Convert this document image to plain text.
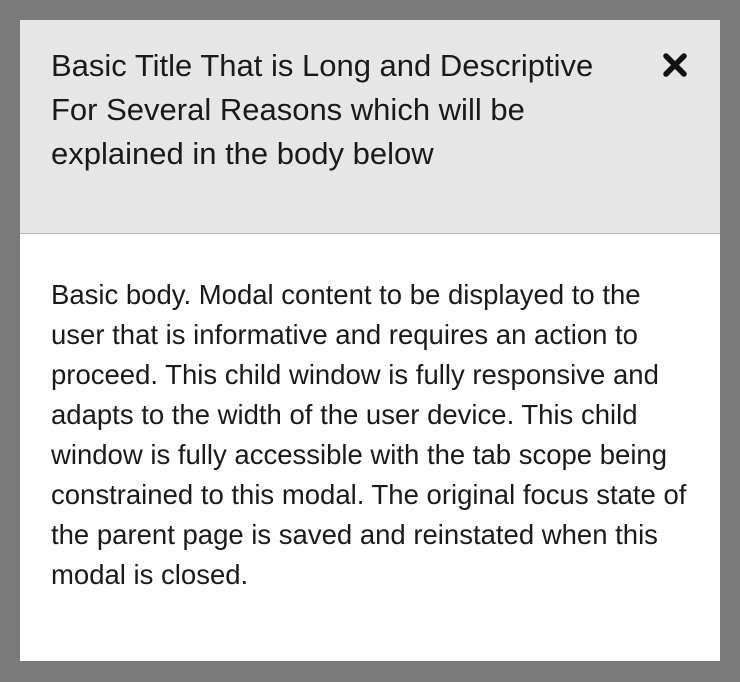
Basic Title That is Long and Descriptive For Several Reasons which will be explained in the body below

Basic body. Modal content to be displayed to the user that is informative and requires an action to proceed. This child window is fully responsive and adapts to the width of the user device. This child window is fully accessible with the tab scope being constrained to this modal. The original focus state of the parent page is saved and reinstated when this modal is closed.
